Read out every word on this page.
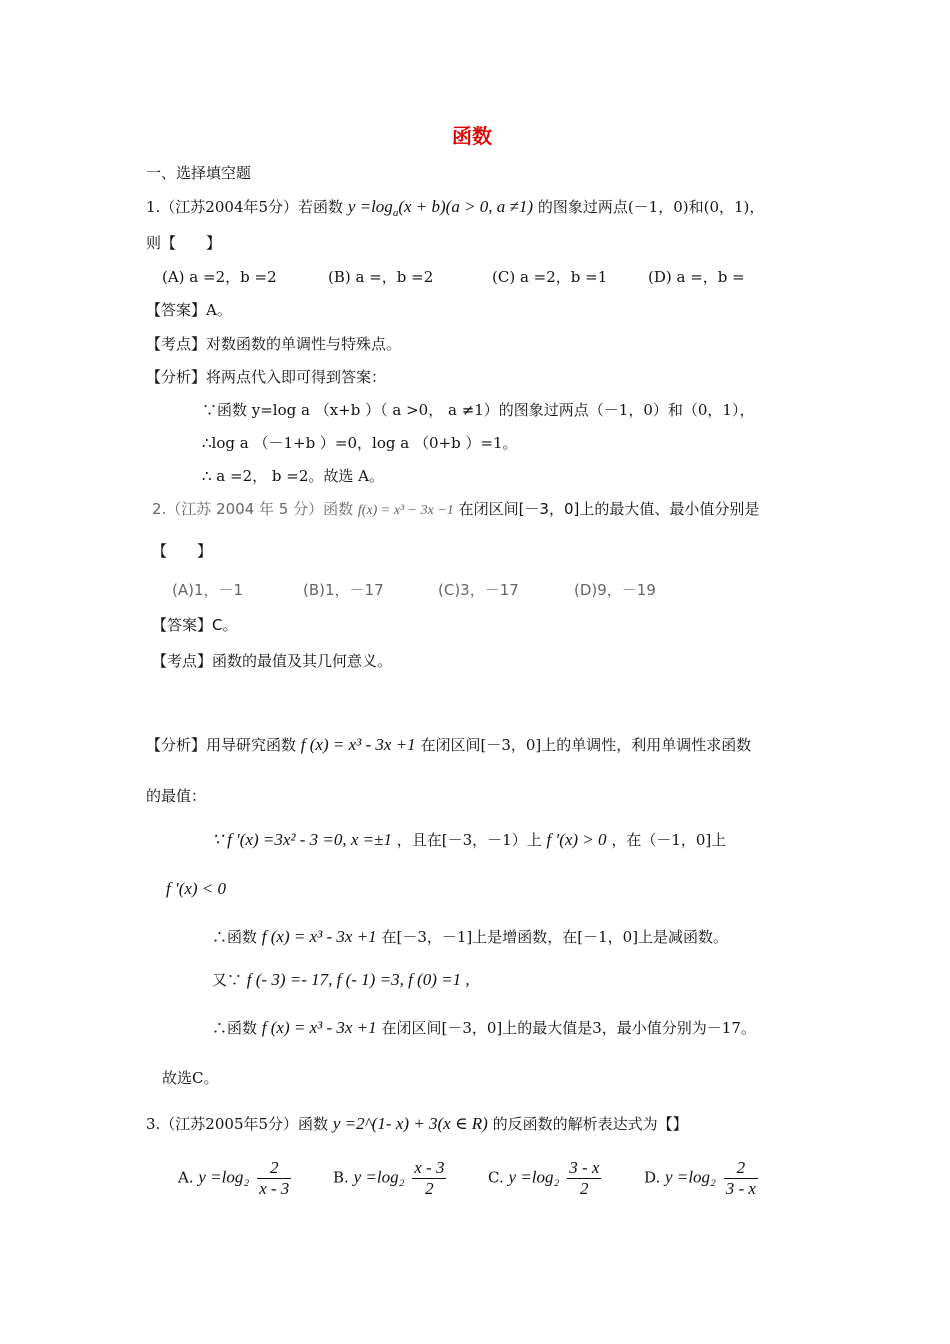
函数
一、选择填空题
1.（江苏2004年5分）若函数 $y =\log_a(x + b)(a > 0$, a ≠1) 的图象过两点(－1，0)和(0，1)，
则【　　】
(A) a =2，b =2	(B) a =，b =2	(C) a =2，b =1	(D) a =，b =
【答案】A。
【考点】对数函数的单调性与特殊点。
【分析】将两点代入即可得到答案：
∵函数 y=log a （x+b ）（ a >0， a ≠1）的图象过两点（－1，0）和（0，1），
∴log a （－1+b ）=0，log a （0+b ）=1。
∴ a =2， b =2。故选 A。
2.（江苏 2004 年 5 分）函数 f(x) = x³ − 3x −1 在闭区间[－3，0]上的最大值、最小值分别是
【　　】
(A)1，－1	(B)1，－17	(C)3，－17	(D)9，－19
【答案】C。
【考点】函数的最值及其几何意义。
【分析】用导研究函数 f (x) = x³ - 3x +1 在闭区间[－3，0]上的单调性，利用单调性求函数
的最值：
∵ f ′(x) =3x² - 3 =0, x =±1 ，且在[－3，－1）上 f ′(x) > 0 ，在（－1，0]上
f ′(x) < 0
∴函数 f (x) = x³ - 3x +1 在[－3，－1]上是增函数，在[－1，0]上是减函数。
又∵ f (- 3) =- 17, f (- 1) =3, f (0) =1 ,
∴函数 f (x) = x³ - 3x +1 在闭区间[－3，0]上的最大值是3，最小值分别为－17。
故选C。
3.（江苏2005年5分）函数 y =2^(1- x) + 3(x ∈ R) 的反函数的解析表达式为【】
A. $y =\log_2 \frac{2}{x - 3}$	B. $y =\log_2 \frac{x - 3}{2}$	C. $y =\log_2 \frac{3 - x}{2}$	D. $y =\log_2 \frac{2}{3 - x}$
